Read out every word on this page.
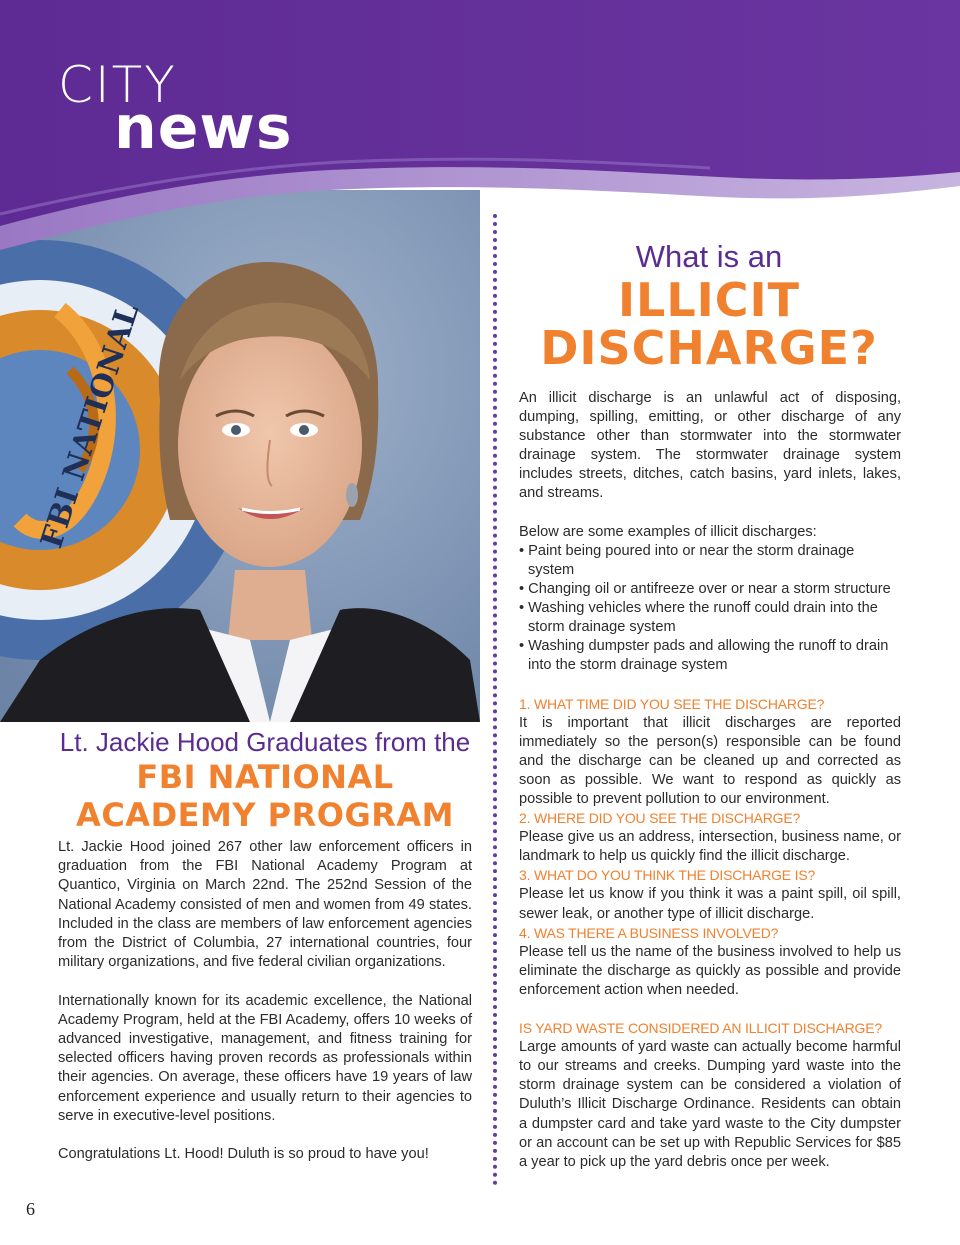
CITY
news
FBI NATIONAL
Lt. Jackie Hood Graduates from the
FBI NATIONAL
ACADEMY PROGRAM

Lt. Jackie Hood joined 267 other law enforcement officers in graduation from the FBI National Academy Program at Quantico, Virginia on March 22nd. The 252nd Session of the National Academy consisted of men and women from 49 states. Included in the class are members of law enforcement agencies from the District of Columbia, 27 international countries, four military organizations, and five federal civilian organizations.

Internationally known for its academic excellence, the National Academy Program, held at the FBI Academy, offers 10 weeks of advanced investigative, management, and fitness training for selected officers having proven records as professionals within their agencies. On average, these officers have 19 years of law enforcement experience and usually return to their agencies to serve in executive-level positions.

Congratulations Lt. Hood! Duluth is so proud to have you!

What is an
ILLICIT
DISCHARGE?

An illicit discharge is an unlawful act of disposing, dumping, spilling, emitting, or other discharge of any substance other than stormwater into the stormwater drainage system. The stormwater drainage system includes streets, ditches, catch basins, yard inlets, lakes, and streams.

Below are some examples of illicit discharges:

• Paint being poured into or near the storm drainage system
• Changing oil or antifreeze over or near a storm structure
• Washing vehicles where the runoff could drain into the storm drainage system
• Washing dumpster pads and allowing the runoff to drain into the storm drainage system
1. WHAT TIME DID YOU SEE THE DISCHARGE?

It is important that illicit discharges are reported immediately so the person(s) responsible can be found and the discharge can be cleaned up and corrected as soon as possible. We want to respond as quickly as possible to prevent pollution to our environment.

2. WHERE DID YOU SEE THE DISCHARGE?

Please give us an address, intersection, business name, or landmark to help us quickly find the illicit discharge.

3. WHAT DO YOU THINK THE DISCHARGE IS?

Please let us know if you think it was a paint spill, oil spill, sewer leak, or another type of illicit discharge.

4. WAS THERE A BUSINESS INVOLVED?

Please tell us the name of the business involved to help us eliminate the discharge as quickly as possible and provide enforcement action when needed.

IS YARD WASTE CONSIDERED AN ILLICIT DISCHARGE?

Large amounts of yard waste can actually become harmful to our streams and creeks. Dumping yard waste into the storm drainage system can be considered a violation of Duluth’s Illicit Discharge Ordinance. Residents can obtain a dumpster card and take yard waste to the City dumpster or an account can be set up with Republic Services for $85 a year to pick up the yard debris once per week.

6
